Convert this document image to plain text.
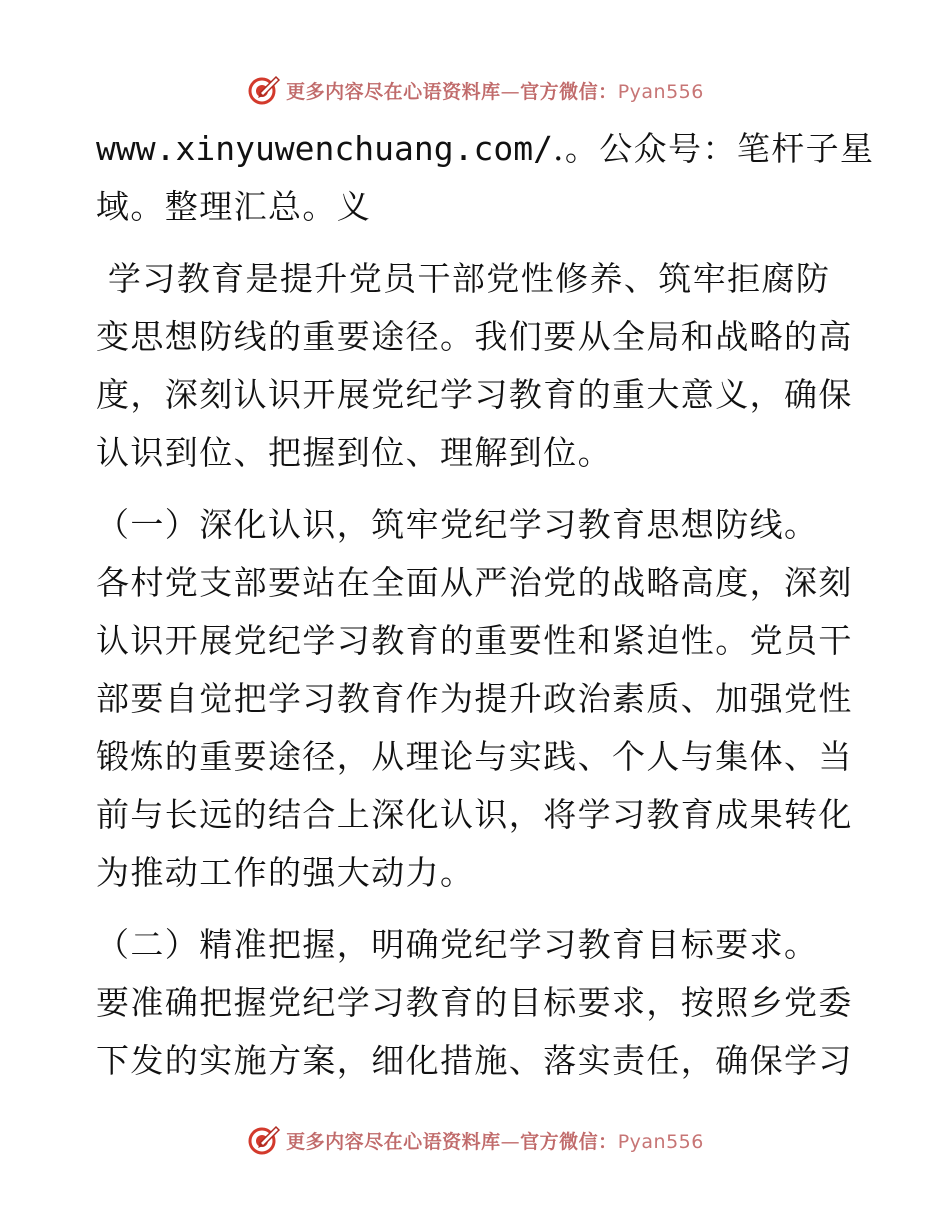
更多内容尽在心语资料库—官方微信：Pyan556
www.xinyuwenchuang.com/.。公众号：笔杆子星
域。整理汇总。义
学习教育是提升党员干部党性修养、筑牢拒腐防
变思想防线的重要途径。我们要从全局和战略的高
度，深刻认识开展党纪学习教育的重大意义，确保
认识到位、把握到位、理解到位。
（一）深化认识，筑牢党纪学习教育思想防线。
各村党支部要站在全面从严治党的战略高度，深刻
认识开展党纪学习教育的重要性和紧迫性。党员干
部要自觉把学习教育作为提升政治素质、加强党性
锻炼的重要途径，从理论与实践、个人与集体、当
前与长远的结合上深化认识，将学习教育成果转化
为推动工作的强大动力。
（二）精准把握，明确党纪学习教育目标要求。
要准确把握党纪学习教育的目标要求，按照乡党委
下发的实施方案，细化措施、落实责任，确保学习
更多内容尽在心语资料库—官方微信：Pyan556
